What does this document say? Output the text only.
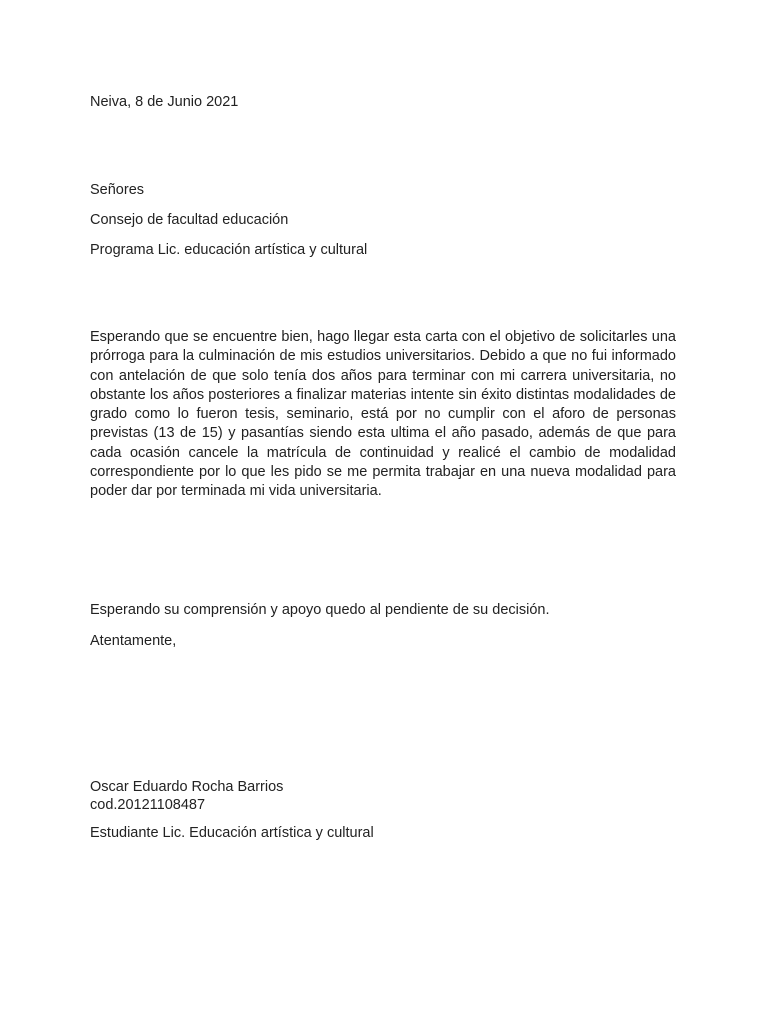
Neiva, 8 de Junio 2021

Señores

Consejo de facultad educación

Programa Lic. educación artística y cultural

Esperando que se encuentre bien, hago llegar esta carta con el objetivo de solicitarles una prórroga para la culminación de mis estudios universitarios. Debido a que no fui informado con antelación de que solo tenía dos años para terminar con mi carrera universitaria, no obstante los años posteriores a finalizar materias intente sin éxito distintas modalidades de grado como lo fueron tesis, seminario, está por no cumplir con el aforo de personas previstas (13 de 15) y pasantías siendo esta ultima el año pasado, además de que para cada ocasión cancele la matrícula de continuidad y realicé el cambio de modalidad correspondiente por lo que les pido se me permita trabajar en una nueva modalidad para poder dar por terminada mi vida universitaria.

Esperando su comprensión y apoyo quedo al pendiente de su decisión.

Atentamente,

Oscar Eduardo Rocha Barrios

cod.20121108487

Estudiante Lic. Educación artística y cultural
